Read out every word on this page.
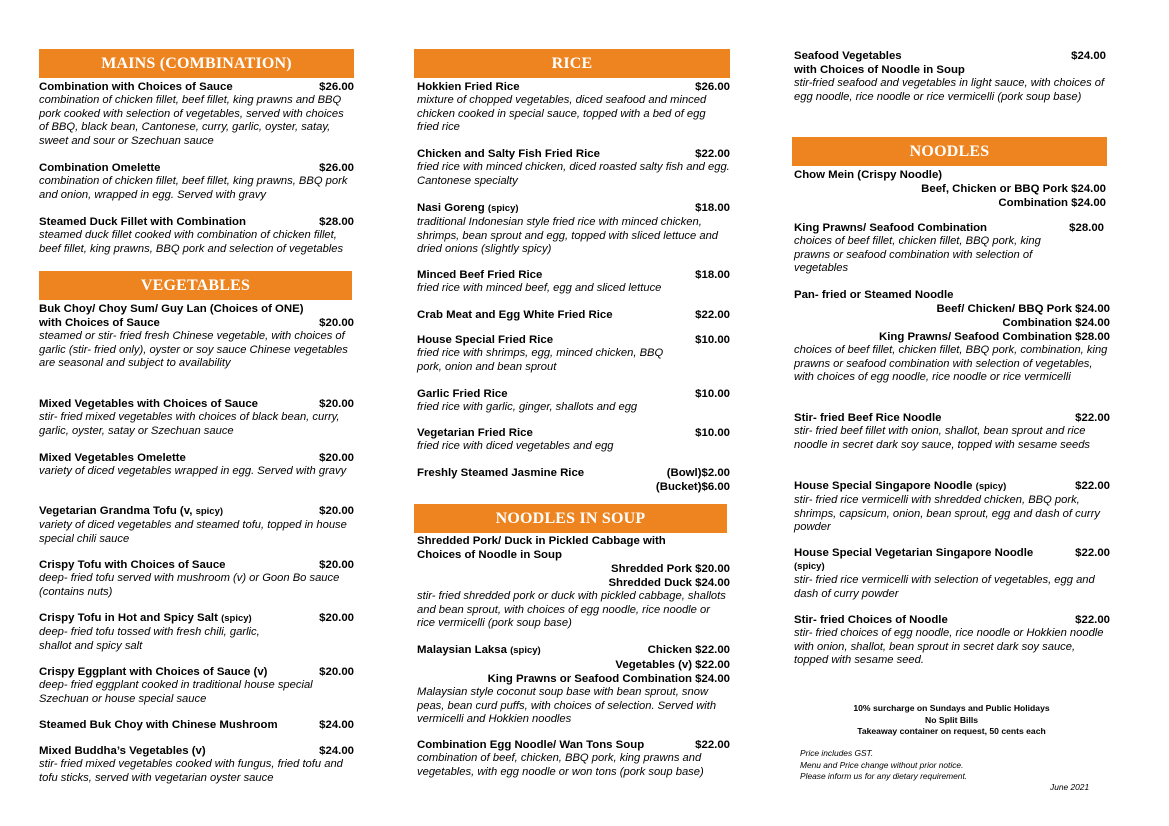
MAINS (COMBINATION)
Combination with Choices of Sauce	$26.00
combination of chicken fillet, beef fillet, king prawns and BBQ pork cooked with selection of vegetables, served with choices of BBQ, black bean, Cantonese, curry, garlic, oyster, satay, sweet and sour or Szechuan sauce
Combination Omelette	$26.00
combination of chicken fillet, beef fillet, king prawns, BBQ pork and onion, wrapped in egg. Served with gravy
Steamed Duck Fillet with Combination	$28.00
steamed duck fillet cooked with combination of chicken fillet, beef fillet, king prawns, BBQ pork and selection of vegetables
VEGETABLES
Buk Choy/ Choy Sum/ Guy Lan (Choices of ONE)
with Choices of Sauce	$20.00
steamed or stir- fried fresh Chinese vegetable, with choices of garlic (stir- fried only), oyster or soy sauce Chinese vegetables are seasonal and subject to availability
Mixed Vegetables with Choices of Sauce	$20.00
stir- fried mixed vegetables with choices of black bean, curry, garlic, oyster, satay or Szechuan sauce
Mixed Vegetables Omelette	$20.00
variety of diced vegetables wrapped in egg. Served with gravy
Vegetarian Grandma Tofu (v, spicy)	$20.00
variety of diced vegetables and steamed tofu, topped in house special chili sauce
Crispy Tofu with Choices of Sauce	$20.00
deep- fried tofu served with mushroom (v) or Goon Bo sauce (contains nuts)
Crispy Tofu in Hot and Spicy Salt (spicy)	$20.00
deep- fried tofu tossed with fresh chili, garlic, shallot and spicy salt
Crispy Eggplant with Choices of Sauce (v)	$20.00
deep- fried eggplant cooked in traditional house special Szechuan or house special sauce
Steamed Buk Choy with Chinese Mushroom	$24.00
Mixed Buddha’s Vegetables (v)	$24.00
stir- fried mixed vegetables cooked with fungus, fried tofu and tofu sticks, served with vegetarian oyster sauce
RICE
Hokkien Fried Rice	$26.00
mixture of chopped vegetables, diced seafood and minced chicken cooked in special sauce, topped with a bed of egg fried rice
Chicken and Salty Fish Fried Rice	$22.00
fried rice with minced chicken, diced roasted salty fish and egg. Cantonese specialty
Nasi Goreng (spicy)	$18.00
traditional Indonesian style fried rice with minced chicken, shrimps, bean sprout and egg, topped with sliced lettuce and dried onions (slightly spicy)
Minced Beef Fried Rice	$18.00
fried rice with minced beef, egg and sliced lettuce
Crab Meat and Egg White Fried Rice	$22.00
House Special Fried Rice	$10.00
fried rice with shrimps, egg, minced chicken, BBQ pork, onion and bean sprout
Garlic Fried Rice	$10.00
fried rice with garlic, ginger, shallots and egg
Vegetarian Fried Rice	$10.00
fried rice with diced vegetables and egg
Freshly Steamed Jasmine Rice	(Bowl)$2.00
(Bucket)$6.00
NOODLES IN SOUP
Shredded Pork/ Duck in Pickled Cabbage with
Choices of Noodle in Soup
Shredded Pork $20.00
Shredded Duck $24.00
stir- fried shredded pork or duck with pickled cabbage, shallots and bean sprout, with choices of egg noodle, rice noodle or rice vermicelli (pork soup base)
Malaysian Laksa (spicy)	Chicken $22.00
Vegetables (v) $22.00
King Prawns or Seafood Combination $24.00
Malaysian style coconut soup base with bean sprout, snow peas, bean curd puffs, with choices of selection. Served with vermicelli and Hokkien noodles
Combination Egg Noodle/ Wan Tons Soup	$22.00
combination of beef, chicken, BBQ pork, king prawns and vegetables, with egg noodle or won tons (pork soup base)
Seafood Vegetables	$24.00
with Choices of Noodle in Soup
stir-fried seafood and vegetables in light sauce, with choices of egg noodle, rice noodle or rice vermicelli (pork soup base)
NOODLES
Chow Mein (Crispy Noodle)
Beef, Chicken or BBQ Pork $24.00
Combination $24.00
King Prawns/ Seafood Combination	$28.00
choices of beef fillet, chicken fillet, BBQ pork, king prawns or seafood combination with selection of vegetables
Pan- fried or Steamed Noodle
Beef/ Chicken/ BBQ Pork $24.00
Combination $24.00
King Prawns/ Seafood Combination $28.00
choices of beef fillet, chicken fillet, BBQ pork, combination, king prawns or seafood combination with selection of vegetables, with choices of egg noodle, rice noodle or rice vermicelli
Stir- fried Beef Rice Noodle	$22.00
stir- fried beef fillet with onion, shallot, bean sprout and rice noodle in secret dark soy sauce, topped with sesame seeds
House Special Singapore Noodle (spicy)	$22.00
stir- fried rice vermicelli with shredded chicken, BBQ pork, shrimps, capsicum, onion, bean sprout, egg and dash of curry powder
House Special Vegetarian Singapore Noodle	$22.00
(spicy)
stir- fried rice vermicelli with selection of vegetables, egg and dash of curry powder
Stir- fried Choices of Noodle	$22.00
stir- fried choices of egg noodle, rice noodle or Hokkien noodle with onion, shallot, bean sprout in secret dark soy sauce, topped with sesame seed.
10% surcharge on Sundays and Public Holidays
No Split Bills
Takeaway container on request, 50 cents each
Price includes GST.
Menu and Price change without prior notice.
Please inform us for any dietary requirement.
June 2021
